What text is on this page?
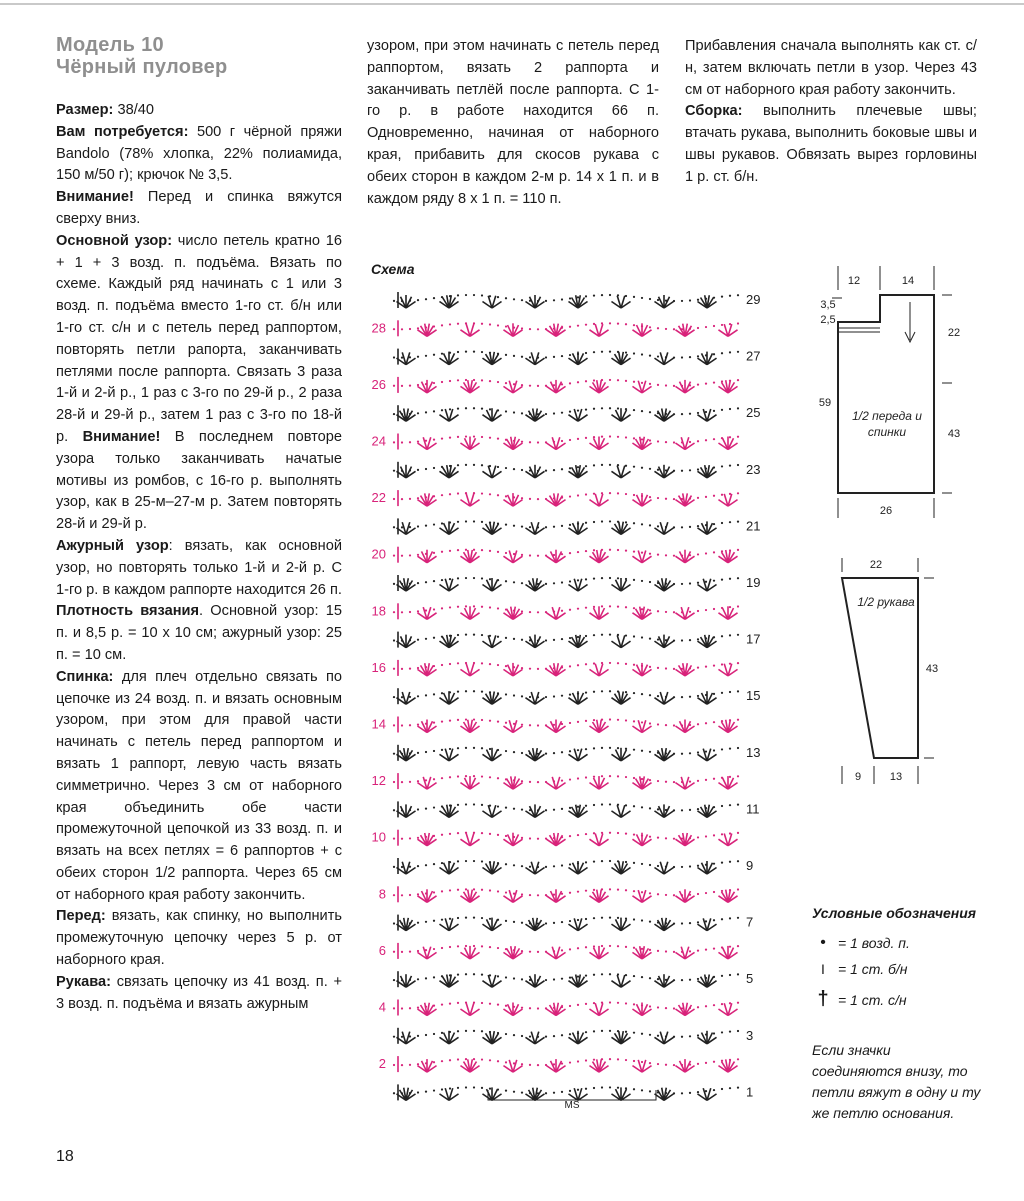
Модель 10
Чёрный пуловер

Размер: 38/40

Вам потребуется: 500 г чёрной пряжи Bandolo (78% хлопка, 22% полиамида, 150 м/50 г); крючок № 3,5.

Внимание! Перед и спинка вяжутся сверху вниз.

Основной узор: число петель кратно 16 + 1 + 3 возд. п. подъёма. Вязать по схеме. Каждый ряд начинать с 1 или 3 возд. п. подъёма вместо 1-го ст. б/н или 1-го ст. с/н и с петель перед раппортом, повторять петли рапорта, заканчивать петлями после раппорта. Связать 3 раза 1-й и 2-й р., 1 раз с 3-го по 29-й р., 2 раза 28-й и 29-й р., затем 1 раз с 3-го по 18-й р. Внимание! В последнем повторе узора только заканчивать начатые мотивы из ромбов, с 16-го р. выполнять узор, как в 25-м–27-м р. Затем повторять 28-й и 29-й р.

Ажурный узор: вязать, как основной узор, но повторять только 1-й и 2-й р. С 1-го р. в каждом раппорте находится 26 п.

Плотность вязания. Основной узор: 15 п. и 8,5 р. = 10 х 10 см; ажурный узор: 25 п. = 10 см.

Спинка: для плеч отдельно связать по цепочке из 24 возд. п. и вязать основным узором, при этом для правой части начинать с петель перед раппортом и вязать 1 раппорт, левую часть вязать симметрично. Через 3 см от наборного края объединить обе части промежуточной цепочкой из 33 возд. п. и вязать на всех петлях = 6 раппортов + с обеих сторон 1/2 раппорта. Через 65 см от наборного края работу закончить.

Перед: вязать, как спинку, но выполнить промежуточную цепочку через 5 р. от наборного края.

Рукава: связать цепочку из 41 возд. п. + 3 возд. п. подъёма и вязать ажурным

узором, при этом начинать с петель перед раппортом, вязать 2 раппорта и заканчивать петлёй после раппорта. С 1-го р. в работе находится 66 п. Одновременно, начиная от наборного края, прибавить для скосов рукава с обеих сторон в каждом 2-м р. 14 х 1 п. и в каждом ряду 8 х 1 п. = 110 п.

Прибавления сначала выполнять как ст. с/н, затем включать петли в узор. Через 43 см от наборного края работу закончить.

Сборка: выполнить плечевые швы; втачать рукава, выполнить боковые швы и швы рукавов. Обвязать вырез горловины 1 р. ст. б/н.

Схема
29
27
25
23
21
19
17
15
13
11
9
7
5
3
1
28
26
24
22
20
18
16
14
12
10
8
6
4
2
MS
12	14
3,5
2,5
22
43
59
26
1/2 переда и спинки
22
43
9	13
1/2 рукава
Условные обозначения
• = 1 возд. п.
I = 1 ст. б/н
† = 1 ст. с/н
Если значки соединяются внизу, то петли вяжут в одну и ту же петлю основания.
18
